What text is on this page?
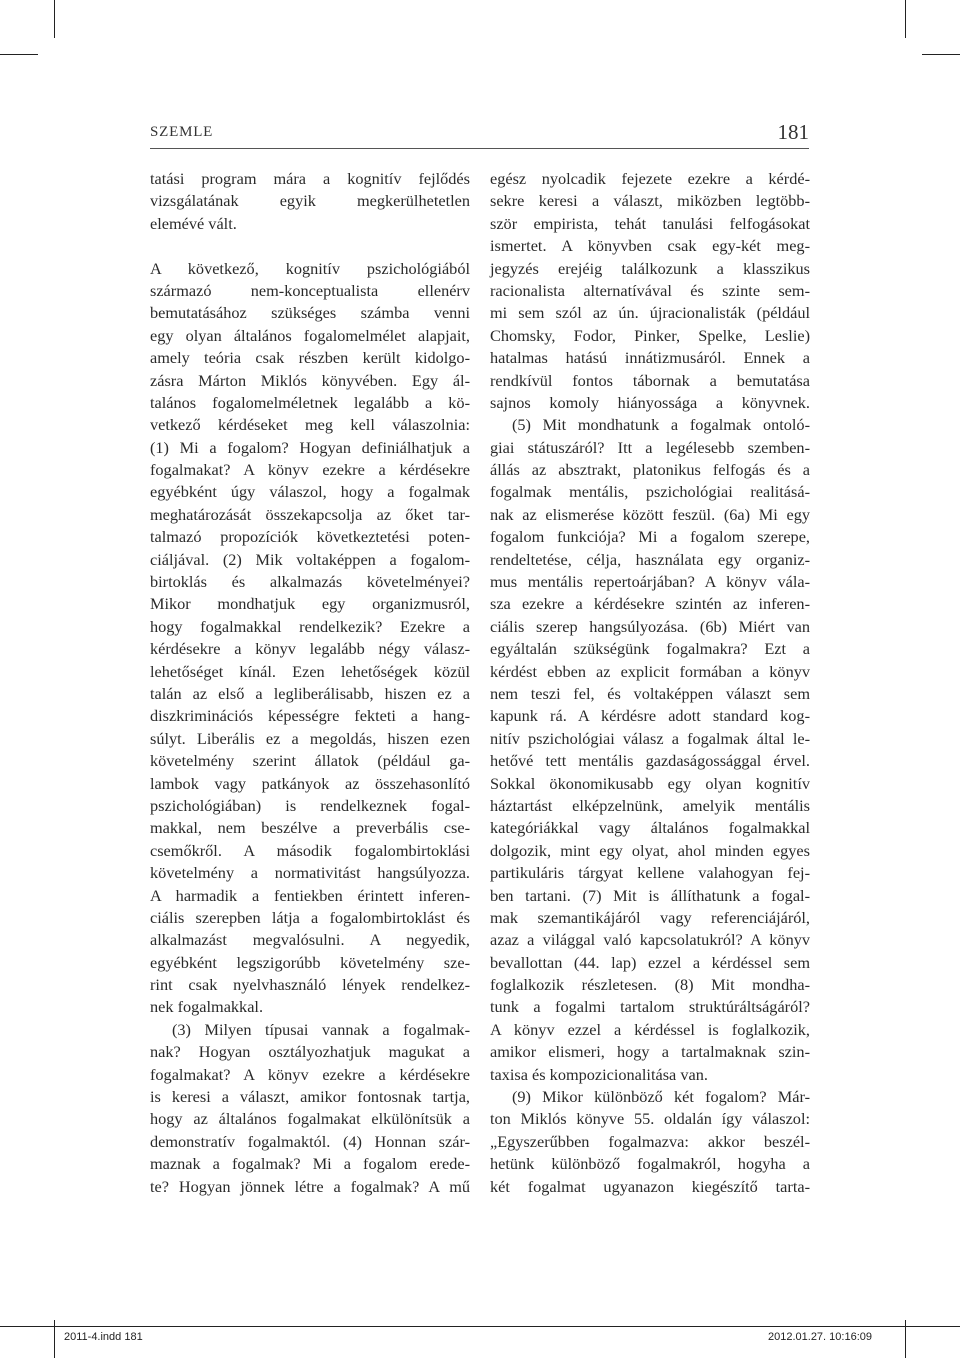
SZEMLE	181
tatási program mára a kognitív fejlődés
vizsgálatának egyik megkerülhetetlen
elemévé vált.
A következő, kognitív pszichológiából
származó nem-konceptualista ellenérv
bemutatásához szükséges számba venni
egy olyan általános fogalomelmélet alapjait,
amely teória csak részben került kidolgo-
zásra Márton Miklós könyvében. Egy ál-
talános fogalomelméletnek legalább a kö-
vetkező kérdéseket meg kell válaszolnia:
(1) Mi a fogalom? Hogyan definiálhatjuk a
fogalmakat? A könyv ezekre a kérdésekre
egyébként úgy válaszol, hogy a fogalmak
meghatározását összekapcsolja az őket tar-
talmazó propozíciók következtetési poten-
ciáljával. (2) Mik voltaképpen a fogalom-
birtoklás és alkalmazás követelményei?
Mikor mondhatjuk egy organizmusról,
hogy fogalmakkal rendelkezik? Ezekre a
kérdésekre a könyv legalább négy válasz-
lehetőséget kínál. Ezen lehetőségek közül
talán az első a legliberálisabb, hiszen ez a
diszkriminációs képességre fekteti a hang-
súlyt. Liberális ez a megoldás, hiszen ezen
követelmény szerint állatok (például ga-
lambok vagy patkányok az összehasonlító
pszichológiában) is rendelkeznek fogal-
makkal, nem beszélve a preverbális cse-
csemőkről. A második fogalombirtoklási
követelmény a normativitást hangsúlyozza.
A harmadik a fentiekben érintett inferen-
ciális szerepben látja a fogalombirtoklást és
alkalmazást megvalósulni. A negyedik,
egyébként legszigorúbb követelmény sze-
rint csak nyelvhasználó lények rendelkez-
nek fogalmakkal.
(3) Milyen típusai vannak a fogalmak-
nak? Hogyan osztályozhatjuk magukat a
fogalmakat? A könyv ezekre a kérdésekre
is keresi a választ, amikor fontosnak tartja,
hogy az általános fogalmakat elkülönítsük a
demonstratív fogalmaktól. (4) Honnan szár-
maznak a fogalmak? Mi a fogalom erede-
te? Hogyan jönnek létre a fogalmak? A mű
egész nyolcadik fejezete ezekre a kérdé-
sekre keresi a választ, miközben legtöbb-
ször empirista, tehát tanulási felfogásokat
ismertet. A könyvben csak egy-két meg-
jegyzés erejéig találkozunk a klasszikus
racionalista alternatívával és szinte sem-
mi sem szól az ún. újracionalisták (például
Chomsky, Fodor, Pinker, Spelke, Leslie)
hatalmas hatású innátizmusáról. Ennek a
rendkívül fontos tábornak a bemutatása
sajnos komoly hiányossága a könyvnek.
(5) Mit mondhatunk a fogalmak ontoló-
giai státuszáról? Itt a legélesebb szemben-
állás az absztrakt, platonikus felfogás és a
fogalmak mentális, pszichológiai realitásá-
nak az elismerése között feszül. (6a) Mi egy
fogalom funkciója? Mi a fogalom szerepe,
rendeltetése, célja, használata egy organiz-
mus mentális repertoárjában? A könyv vála-
sza ezekre a kérdésekre szintén az inferen-
ciális szerep hangsúlyozása. (6b) Miért van
egyáltalán szükségünk fogalmakra? Ezt a
kérdést ebben az explicit formában a könyv
nem teszi fel, és voltaképpen választ sem
kapunk rá. A kérdésre adott standard kog-
nitív pszichológiai válasz a fogalmak által le-
hetővé tett mentális gazdaságossággal érvel.
Sokkal ökonomikusabb egy olyan kognitív
háztartást elképzelnünk, amelyik mentális
kategóriákkal vagy általános fogalmakkal
dolgozik, mint egy olyat, ahol minden egyes
partikuláris tárgyat kellene valahogyan fej-
ben tartani. (7) Mit is állíthatunk a fogal-
mak szemantikájáról vagy referenciájáról,
azaz a világgal való kapcsolatukról? A könyv
bevallottan (44. lap) ezzel a kérdéssel sem
foglalkozik részletesen. (8) Mit mondha-
tunk a fogalmi tartalom struktúráltságáról?
A könyv ezzel a kérdéssel is foglalkozik,
amikor elismeri, hogy a tartalmaknak szin-
taxisa és kompozicionalitása van.
(9) Mikor különböző két fogalom? Már-
ton Miklós könyve 55. oldalán így válaszol:
„Egyszerűbben fogalmazva: akkor beszél-
hetünk különböző fogalmakról, hogyha a
két fogalmat ugyanazon kiegészítő tarta-
2011-4.indd 181	2012.01.27. 10:16:09
